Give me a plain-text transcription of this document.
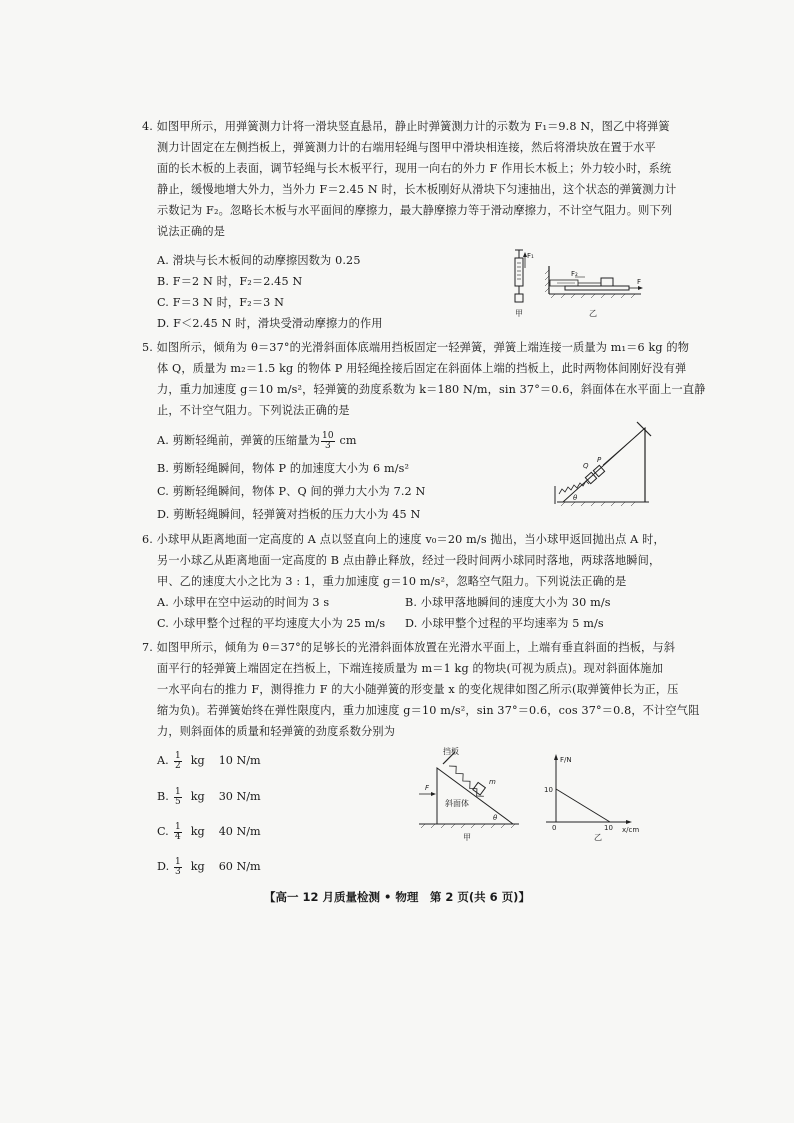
4. 如图甲所示，用弹簧测力计将一滑块竖直悬吊，静止时弹簧测力计的示数为 F₁＝9.8 N，图乙中将弹簧
测力计固定在左侧挡板上，弹簧测力计的右端用轻绳与图甲中滑块相连接，然后将滑块放在置于水平
面的长木板的上表面，调节轻绳与长木板平行，现用一向右的外力 F 作用长木板上；外力较小时，系统
静止，缓慢地增大外力，当外力 F＝2.45 N 时，长木板刚好从滑块下匀速抽出，这个状态的弹簧测力计
示数记为 F₂。忽略长木板与水平面间的摩擦力，最大静摩擦力等于滑动摩擦力，不计空气阻力。则下列
说法正确的是
A. 滑块与长木板间的动摩擦因数为 0.25
B. F＝2 N 时，F₂＝2.45 N
C. F＝3 N 时，F₂＝3 N
D. F＜2.45 N 时，滑块受滑动摩擦力的作用
F₁
甲
F
F₂
乙
5. 如图所示，倾角为 θ＝37°的光滑斜面体底端用挡板固定一轻弹簧，弹簧上端连接一质量为 m₁＝6 kg 的物
体 Q，质量为 m₂＝1.5 kg 的物体 P 用轻绳拴接后固定在斜面体上端的挡板上，此时两物体间刚好没有弹
力，重力加速度 g＝10 m/s²，轻弹簧的劲度系数为 k＝180 N/m，sin 37°＝0.6，斜面体在水平面上一直静
止，不计空气阻力。下列说法正确的是
A. 剪断轻绳前，弹簧的压缩量为 $\frac{10}{3}$ cm
B. 剪断轻绳瞬间，物体 P 的加速度大小为 6 m/s²
C. 剪断轻绳瞬间，物体 P、Q 间的弹力大小为 7.2 N
D. 剪断轻绳瞬间，轻弹簧对挡板的压力大小为 45 N
Q
P
θ
6. 小球甲从距离地面一定高度的 A 点以竖直向上的速度 v₀＝20 m/s 抛出，当小球甲返回抛出点 A 时，
另一小球乙从距离地面一定高度的 B 点由静止释放，经过一段时间两小球同时落地，两球落地瞬间，
甲、乙的速度大小之比为 3 : 1，重力加速度 g＝10 m/s²，忽略空气阻力。下列说法正确的是
A. 小球甲在空中运动的时间为 3 s	B. 小球甲落地瞬间的速度大小为 30 m/s
C. 小球甲整个过程的平均速度大小为 25 m/s D. 小球甲整个过程的平均速率为 5 m/s
7. 如图甲所示，倾角为 θ＝37°的足够长的光滑斜面体放置在光滑水平面上，上端有垂直斜面的挡板，与斜
面平行的轻弹簧上端固定在挡板上，下端连接质量为 m＝1 kg 的物块(可视为质点)。现对斜面体施加
一水平向右的推力 F，测得推力 F 的大小随弹簧的形变量 x 的变化规律如图乙所示(取弹簧伸长为正，压
缩为负)。若弹簧始终在弹性限度内，重力加速度 g＝10 m/s²，sin 37°＝0.6，cos 37°＝0.8，不计空气阻
力，则斜面体的质量和轻弹簧的劲度系数分别为
A. $\frac{1}{2}$ kg 10 N/m
B. $\frac{1}{5}$ kg 30 N/m
C. $\frac{1}{4}$ kg 40 N/m
D. $\frac{1}{3}$ kg 60 N/m
挡板
m
F
斜面体
θ
甲
F/N
10
0	10 x/cm
乙
【高一 12 月质量检测 • 物理　第 2 页(共 6 页)】
